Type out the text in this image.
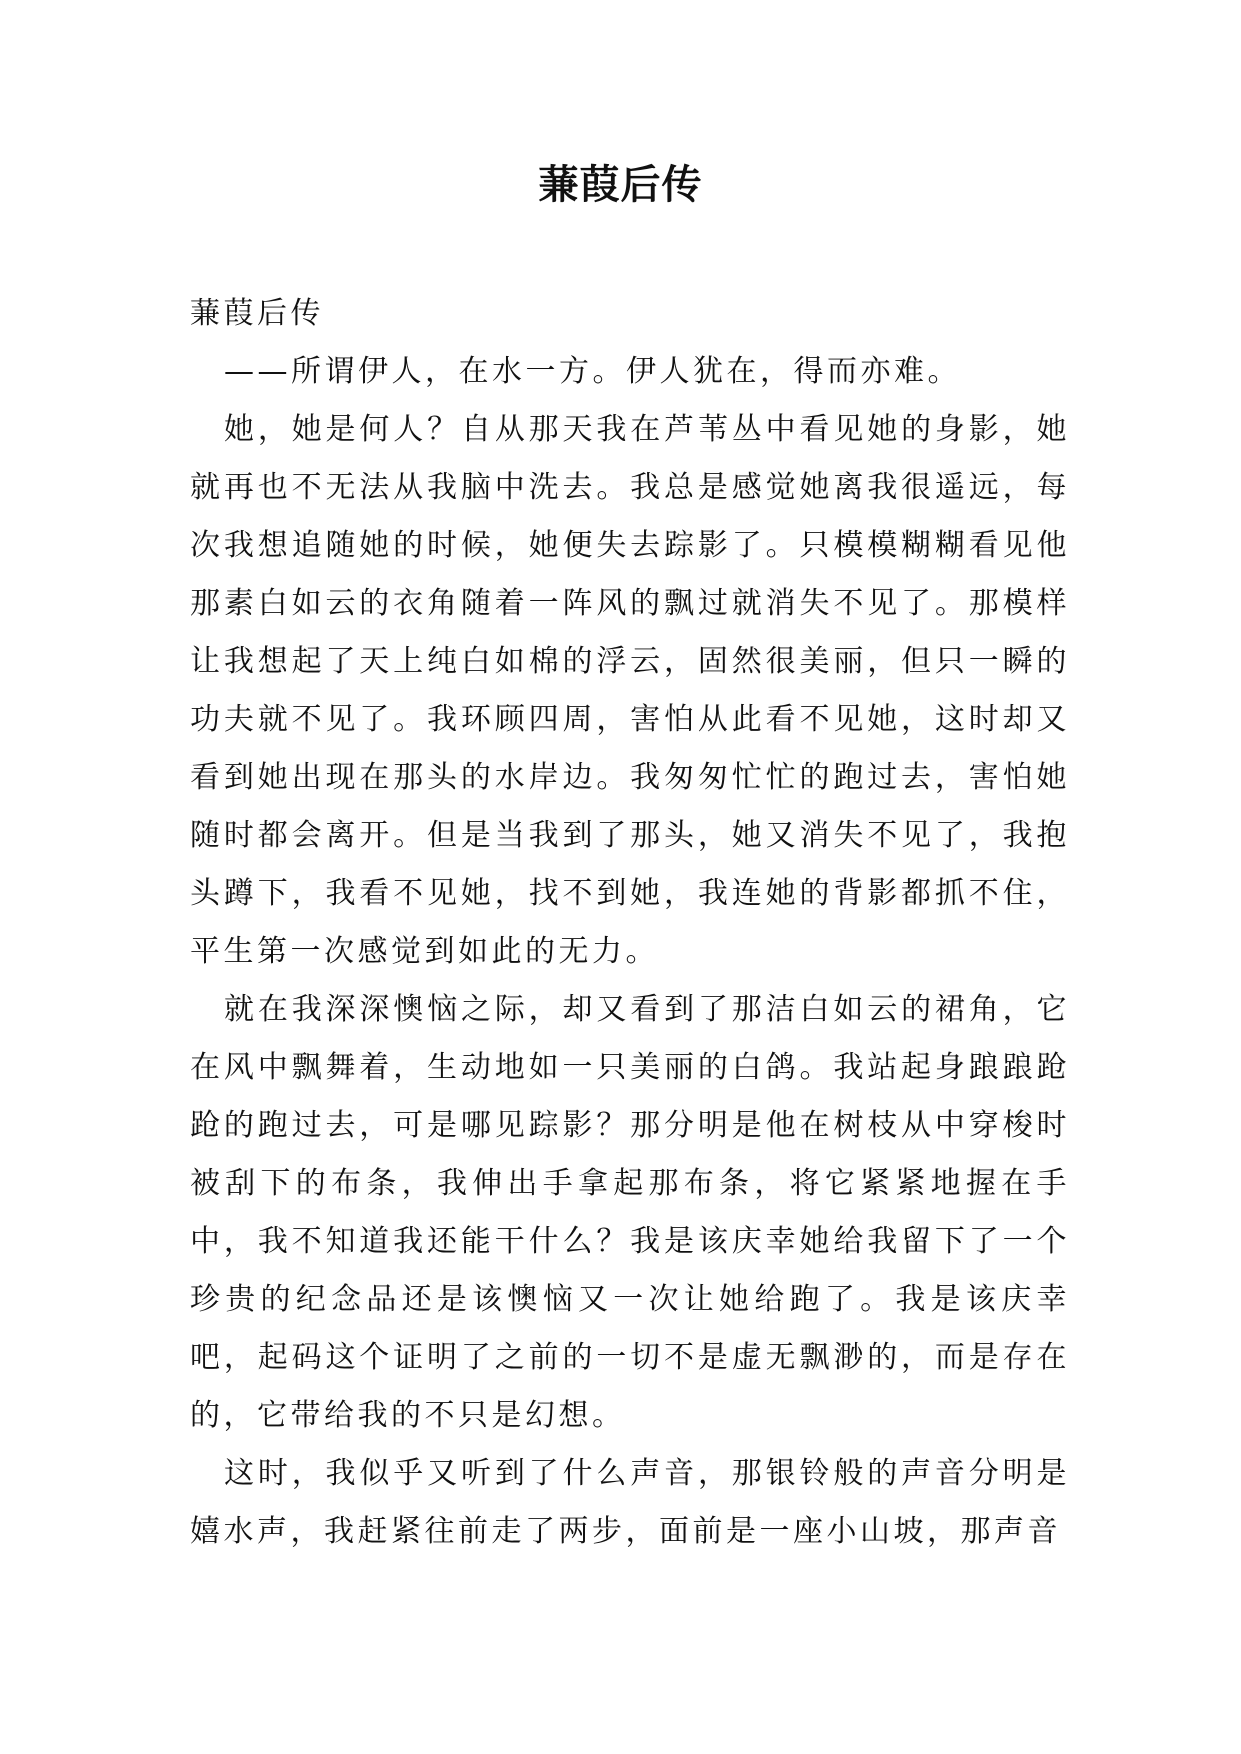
蒹葭后传

蒹葭后传

——所谓伊人，在水一方。伊人犹在，得而亦难。

她，她是何人？自从那天我在芦苇丛中看见她的身影，她就再也不无法从我脑中洗去。我总是感觉她离我很遥远，每次我想追随她的时候，她便失去踪影了。只模模糊糊看见他那素白如云的衣角随着一阵风的飘过就消失不见了。那模样让我想起了天上纯白如棉的浮云，固然很美丽，但只一瞬的功夫就不见了。我环顾四周，害怕从此看不见她，这时却又看到她出现在那头的水岸边。我匆匆忙忙的跑过去，害怕她随时都会离开。但是当我到了那头，她又消失不见了，我抱头蹲下，我看不见她，找不到她，我连她的背影都抓不住，平生第一次感觉到如此的无力。

就在我深深懊恼之际，却又看到了那洁白如云的裙角，它在风中飘舞着，生动地如一只美丽的白鸽。我站起身踉踉跄跄的跑过去，可是哪见踪影？那分明是他在树枝从中穿梭时被刮下的布条，我伸出手拿起那布条，将它紧紧地握在手中，我不知道我还能干什么？我是该庆幸她给我留下了一个珍贵的纪念品还是该懊恼又一次让她给跑了。我是该庆幸吧，起码这个证明了之前的一切不是虚无飘渺的，而是存在的，它带给我的不只是幻想。

这时，我似乎又听到了什么声音，那银铃般的声音分明是嬉水声，我赶紧往前走了两步，面前是一座小山坡，那声音
